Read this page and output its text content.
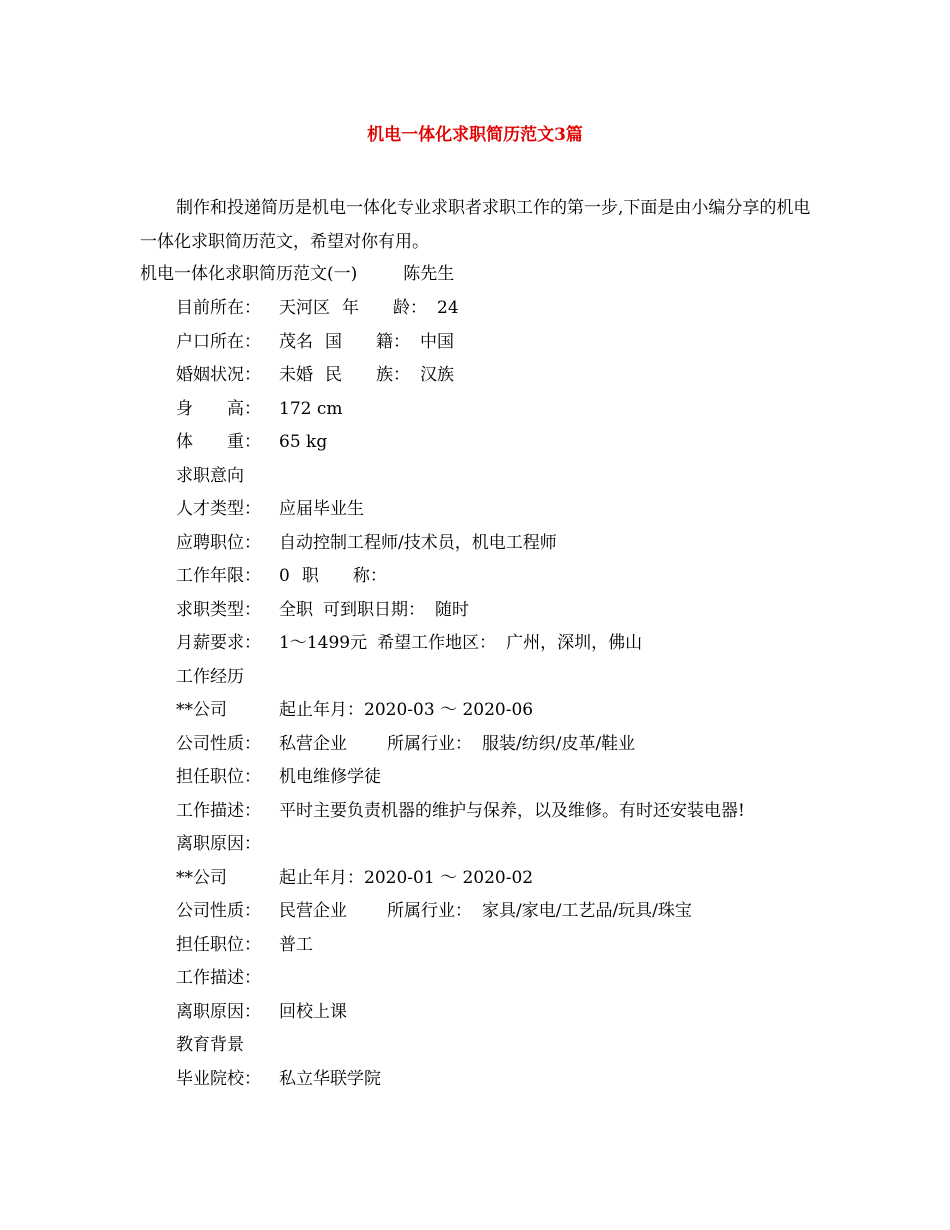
机电一体化求职简历范文3篇
制作和投递简历是机电一体化专业求职者求职工作的第一步,下面是由小编分享的机电一体化求职简历范文，希望对你有用。
机电一体化求职简历范文(一)	陈先生
目前所在： 天河区 年　　龄： 24
户口所在： 茂名 国　　籍： 中国
婚姻状况： 未婚 民　　族： 汉族
身　　高： 172 cm
体　　重： 65 kg
求职意向
人才类型： 应届毕业生
应聘职位： 自动控制工程师/技术员，机电工程师
工作年限： 0 职　　称：
求职类型： 全职 可到职日期： 随时
月薪要求： 1～1499元 希望工作地区： 广州，深圳，佛山
工作经历
**公司	起止年月：2020-03 ～ 2020-06
公司性质： 私营企业 所属行业： 服装/纺织/皮革/鞋业
担任职位： 机电维修学徒
工作描述： 平时主要负责机器的维护与保养，以及维修。有时还安装电器!
离职原因：
**公司	起止年月：2020-01 ～ 2020-02
公司性质： 民营企业 所属行业： 家具/家电/工艺品/玩具/珠宝
担任职位： 普工
工作描述：
离职原因： 回校上课
教育背景
毕业院校： 私立华联学院
